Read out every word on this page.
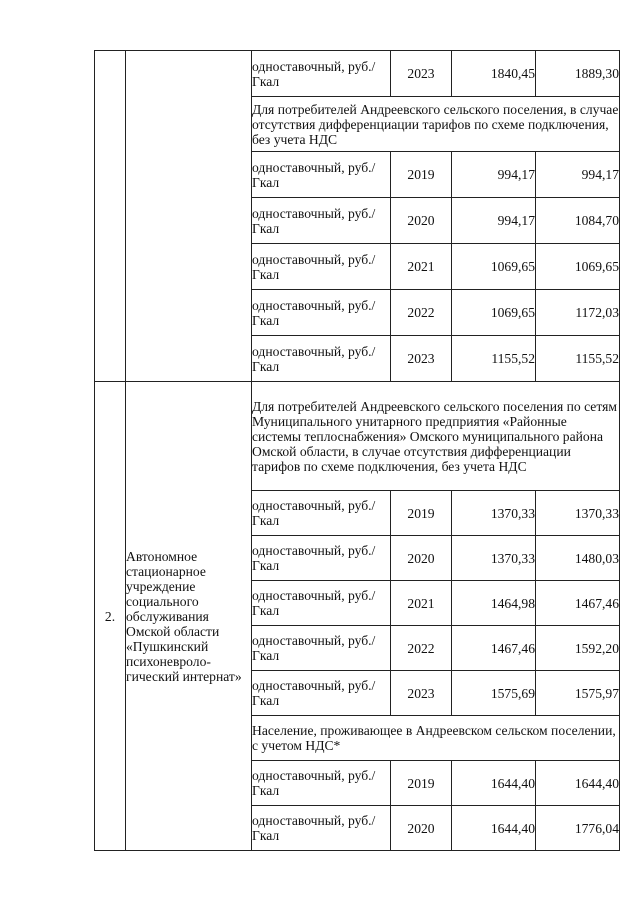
		одноставочный, руб./Гкал	2023	1840,45	1889,30
		Для потребителей Андреевского сельского поселения, в случае отсутствия дифференциации тарифов по схеме подключения, без учета НДС			
		одноставочный, руб./Гкал	2019	994,17	994,17
		одноставочный, руб./Гкал	2020	994,17	1084,70
		одноставочный, руб./Гкал	2021	1069,65	1069,65
		одноставочный, руб./Гкал	2022	1069,65	1172,03
		одноставочный, руб./Гкал	2023	1155,52	1155,52
2.	Автономное стационарное учреждение социального обслуживания Омской области «Пушкинский психоневроло-гический интернат»	Для потребителей Андреевского сельского поселения по сетям Муниципального унитарного предприятия «Районные системы теплоснабжения» Омского муниципального района Омской области, в случае отсутствия дифференциации тарифов по схеме подключения, без учета НДС			
		одноставочный, руб./Гкал	2019	1370,33	1370,33
		одноставочный, руб./Гкал	2020	1370,33	1480,03
		одноставочный, руб./Гкал	2021	1464,98	1467,46
		одноставочный, руб./Гкал	2022	1467,46	1592,20
		одноставочный, руб./Гкал	2023	1575,69	1575,97
		Население, проживающее в Андреевском сельском поселении, с учетом НДС*			
		одноставочный, руб./Гкал	2019	1644,40	1644,40
		одноставочный, руб./Гкал	2020	1644,40	1776,04
